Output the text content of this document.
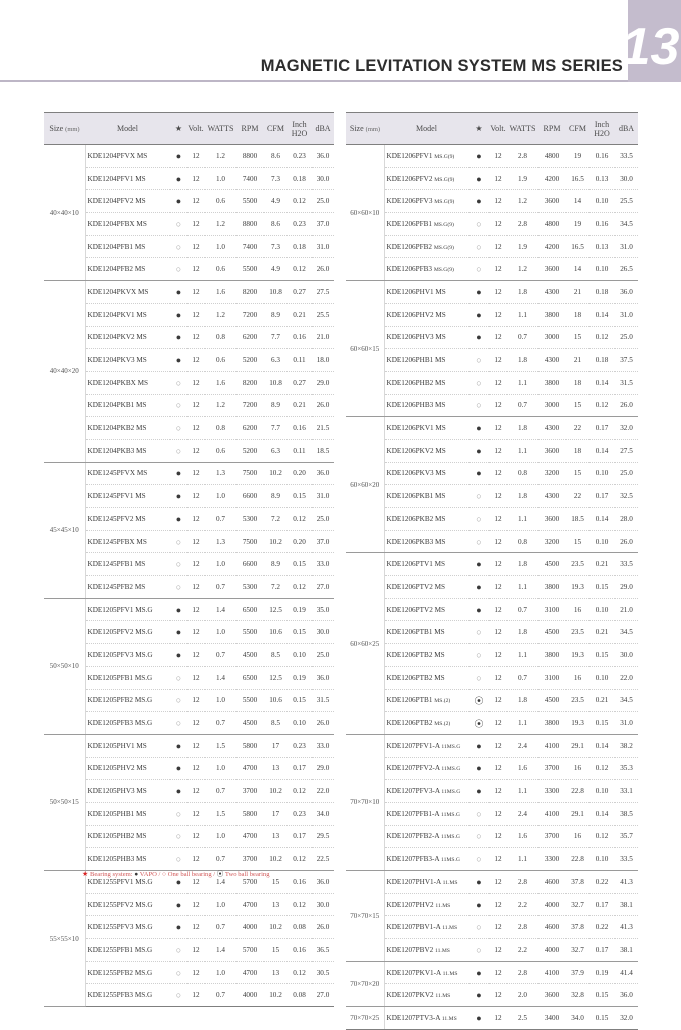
13
MAGNETIC LEVITATION SYSTEM MS SERIES
Size (mm)	Model	★	Volt.	WATTS	RPM	CFM	Inch H2O	dBA
40×40×10	KDE1204PFVX MS	●	12	1.2	8800	8.6	0.23	36.0
	KDE1204PFV1 MS	●	12	1.0	7400	7.3	0.18	30.0
	KDE1204PFV2 MS	●	12	0.6	5500	4.9	0.12	25.0
	KDE1204PFBX MS	○	12	1.2	8800	8.6	0.23	37.0
	KDE1204PFB1 MS	○	12	1.0	7400	7.3	0.18	31.0
	KDE1204PFB2 MS	○	12	0.6	5500	4.9	0.12	26.0
40×40×20	KDE1204PKVX MS	●	12	1.6	8200	10.8	0.27	27.5
	KDE1204PKV1 MS	●	12	1.2	7200	8.9	0.21	25.5
	KDE1204PKV2 MS	●	12	0.8	6200	7.7	0.16	21.0
	KDE1204PKV3 MS	●	12	0.6	5200	6.3	0.11	18.0
	KDE1204PKBX MS	○	12	1.6	8200	10.8	0.27	29.0
	KDE1204PKB1 MS	○	12	1.2	7200	8.9	0.21	26.0
	KDE1204PKB2 MS	○	12	0.8	6200	7.7	0.16	21.5
	KDE1204PKB3 MS	○	12	0.6	5200	6.3	0.11	18.5
45×45×10	KDE1245PFVX MS	●	12	1.3	7500	10.2	0.20	36.0
	KDE1245PFV1 MS	●	12	1.0	6600	8.9	0.15	31.0
	KDE1245PFV2 MS	●	12	0.7	5300	7.2	0.12	25.0
	KDE1245PFBX MS	○	12	1.3	7500	10.2	0.20	37.0
	KDE1245PFB1 MS	○	12	1.0	6600	8.9	0.15	33.0
	KDE1245PFB2 MS	○	12	0.7	5300	7.2	0.12	27.0
50×50×10	KDE1205PFV1 MS.G	●	12	1.4	6500	12.5	0.19	35.0
	KDE1205PFV2 MS.G	●	12	1.0	5500	10.6	0.15	30.0
	KDE1205PFV3 MS.G	●	12	0.7	4500	8.5	0.10	25.0
	KDE1205PFB1 MS.G	○	12	1.4	6500	12.5	0.19	36.0
	KDE1205PFB2 MS.G	○	12	1.0	5500	10.6	0.15	31.5
	KDE1205PFB3 MS.G	○	12	0.7	4500	8.5	0.10	26.0
50×50×15	KDE1205PHV1 MS	●	12	1.5	5800	17	0.23	33.0
	KDE1205PHV2 MS	●	12	1.0	4700	13	0.17	29.0
	KDE1205PHV3 MS	●	12	0.7	3700	10.2	0.12	22.0
	KDE1205PHB1 MS	○	12	1.5	5800	17	0.23	34.0
	KDE1205PHB2 MS	○	12	1.0	4700	13	0.17	29.5
	KDE1205PHB3 MS	○	12	0.7	3700	10.2	0.12	22.5
55×55×10	KDE1255PFV1 MS.G	●	12	1.4	5700	15	0.16	36.0
	KDE1255PFV2 MS.G	●	12	1.0	4700	13	0.12	30.0
	KDE1255PFV3 MS.G	●	12	0.7	4000	10.2	0.08	26.0
	KDE1255PFB1 MS.G	○	12	1.4	5700	15	0.16	36.5
	KDE1255PFB2 MS.G	○	12	1.0	4700	13	0.12	30.5
	KDE1255PFB3 MS.G	○	12	0.7	4000	10.2	0.08	27.0
Size (mm)	Model	★	Volt.	WATTS	RPM	CFM	Inch H2O	dBA
60×60×10	KDE1206PFV1 MS.G(9)	●	12	2.8	4800	19	0.16	33.5
	KDE1206PFV2 MS.G(9)	●	12	1.9	4200	16.5	0.13	30.0
	KDE1206PFV3 MS.G(9)	●	12	1.2	3600	14	0.10	25.5
	KDE1206PFB1 MS.G(9)	○	12	2.8	4800	19	0.16	34.5
	KDE1206PFB2 MS.G(9)	○	12	1.9	4200	16.5	0.13	31.0
	KDE1206PFB3 MS.G(9)	○	12	1.2	3600	14	0.10	26.5
60×60×15	KDE1206PHV1 MS	●	12	1.8	4300	21	0.18	36.0
	KDE1206PHV2 MS	●	12	1.1	3800	18	0.14	31.0
	KDE1206PHV3 MS	●	12	0.7	3000	15	0.12	25.0
	KDE1206PHB1 MS	○	12	1.8	4300	21	0.18	37.5
	KDE1206PHB2 MS	○	12	1.1	3800	18	0.14	31.5
	KDE1206PHB3 MS	○	12	0.7	3000	15	0.12	26.0
60×60×20	KDE1206PKV1 MS	●	12	1.8	4300	22	0.17	32.0
	KDE1206PKV2 MS	●	12	1.1	3600	18	0.14	27.5
	KDE1206PKV3 MS	●	12	0.8	3200	15	0.10	25.0
	KDE1206PKB1 MS	○	12	1.8	4300	22	0.17	32.5
	KDE1206PKB2 MS	○	12	1.1	3600	18.5	0.14	28.0
	KDE1206PKB3 MS	○	12	0.8	3200	15	0.10	26.0
60×60×25	KDE1206PTV1 MS	●	12	1.8	4500	23.5	0.21	33.5
	KDE1206PTV2 MS	●	12	1.1	3800	19.3	0.15	29.0
	KDE1206PTV2 MS	●	12	0.7	3100	16	0.10	21.0
	KDE1206PTB1 MS	○	12	1.8	4500	23.5	0.21	34.5
	KDE1206PTB2 MS	○	12	1.1	3800	19.3	0.15	30.0
	KDE1206PTB2 MS	○	12	0.7	3100	16	0.10	22.0
	KDE1206PTB1 MS.(2)	⦿	12	1.8	4500	23.5	0.21	34.5
	KDE1206PTB2 MS.(2)	⦿	12	1.1	3800	19.3	0.15	31.0
70×70×10	KDE1207PFV1-A 11MS.G	●	12	2.4	4100	29.1	0.14	38.2
	KDE1207PFV2-A 11MS.G	●	12	1.6	3700	16	0.12	35.3
	KDE1207PFV3-A 11MS.G	●	12	1.1	3300	22.8	0.10	33.1
	KDE1207PFB1-A 11MS.G	○	12	2.4	4100	29.1	0.14	38.5
	KDE1207PFB2-A 11MS.G	○	12	1.6	3700	16	0.12	35.7
	KDE1207PFB3-A 11MS.G	○	12	1.1	3300	22.8	0.10	33.5
70×70×15	KDE1207PHV1-A 11.MS	●	12	2.8	4600	37.8	0.22	41.3
	KDE1207PHV2 11.MS	●	12	2.2	4000	32.7	0.17	38.1
	KDE1207PBV1-A 11.MS	○	12	2.8	4600	37.8	0.22	41.3
	KDE1207PBV2 11.MS	○	12	2.2	4000	32.7	0.17	38.1
70×70×20	KDE1207PKV1-A 11.MS	●	12	2.8	4100	37.9	0.19	41.4
	KDE1207PKV2 11.MS	●	12	2.0	3600	32.8	0.15	36.0
70×70×25	KDE1207PTV3-A 11.MS	●	12	2.5	3400	34.0	0.15	32.0
★ Bearing system: ● VAPO / ○ One ball bearing / ⦿ Two ball bearing
